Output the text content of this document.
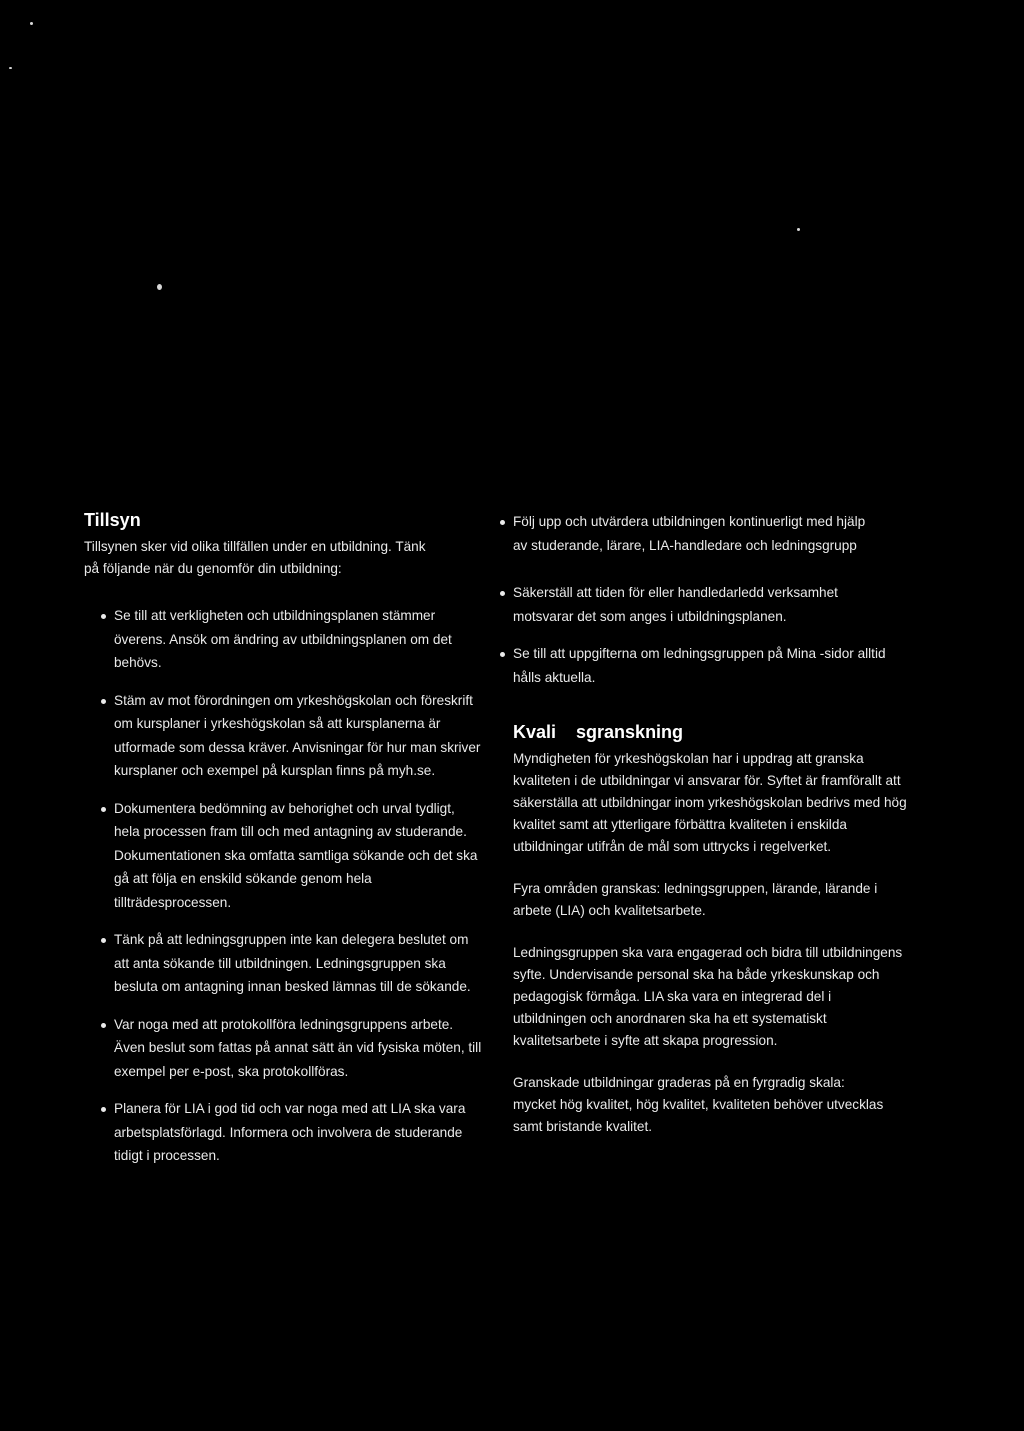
Tillsyn

Tillsynen sker vid olika tillfällen under en utbildning. Tänk på följande när du genomför din utbildning:

Se till att verkligheten och utbildningsplanen stämmer överens. Ansök om ändring av utbildningsplanen om det behövs.
Stäm av mot förordningen om yrkeshögskolan och föreskrift om kursplaner i yrkeshögskolan så att kursplanerna är utformade som dessa kräver. Anvisningar för hur man skriver kursplaner och exempel på kursplan finns på myh.se.
Dokumentera bedömning av behorighet och urval tydligt, hela processen fram till och med antagning av studerande. Dokumentationen ska omfatta samtliga sökande och det ska gå att följa en enskild sökande genom hela tillträdesprocessen.
Tänk på att ledningsgruppen inte kan delegera beslutet om att anta sökande till utbildningen. Ledningsgruppen ska besluta om antagning innan besked lämnas till de sökande.
Var noga med att protokollföra ledningsgruppens arbete. Även beslut som fattas på annat sätt än vid fysiska möten, till exempel per e-post, ska protokollföras.
Planera för LIA i god tid och var noga med att LIA ska vara arbetsplatsförlagd. Informera och involvera de studerande tidigt i processen.
Följ upp och utvärdera utbildningen kontinuerligt med hjälp av studerande, lärare, LIA-handledare och ledningsgrupp
Säkerställ att tiden för eller handledarledd verksamhet motsvarar det som anges i utbildningsplanen.
Se till att uppgifterna om ledningsgruppen på Mina -sidor alltid hålls aktuella.
Kvali    sgranskning

Myndigheten för yrkeshögskolan har i uppdrag att granska kvaliteten i de utbildningar vi ansvarar för. Syftet är framförallt att säkerställa att utbildningar inom yrkeshögskolan bedrivs med hög kvalitet samt att ytterligare förbättra kvaliteten i enskilda utbildningar utifrån de mål som uttrycks i regelverket.

Fyra områden granskas: ledningsgruppen, lärande, lärande i arbete (LIA) och kvalitetsarbete.

Ledningsgruppen ska vara engagerad och bidra till utbildningens syfte. Undervisande personal ska ha både yrkeskunskap och pedagogisk förmåga. LIA ska vara en integrerad del i utbildningen och anordnaren ska ha ett systematiskt kvalitetsarbete i syfte att skapa progression.

Granskade utbildningar graderas på en fyrgradig skala: mycket hög kvalitet, hög kvalitet, kvaliteten behöver utvecklas samt bristande kvalitet.
